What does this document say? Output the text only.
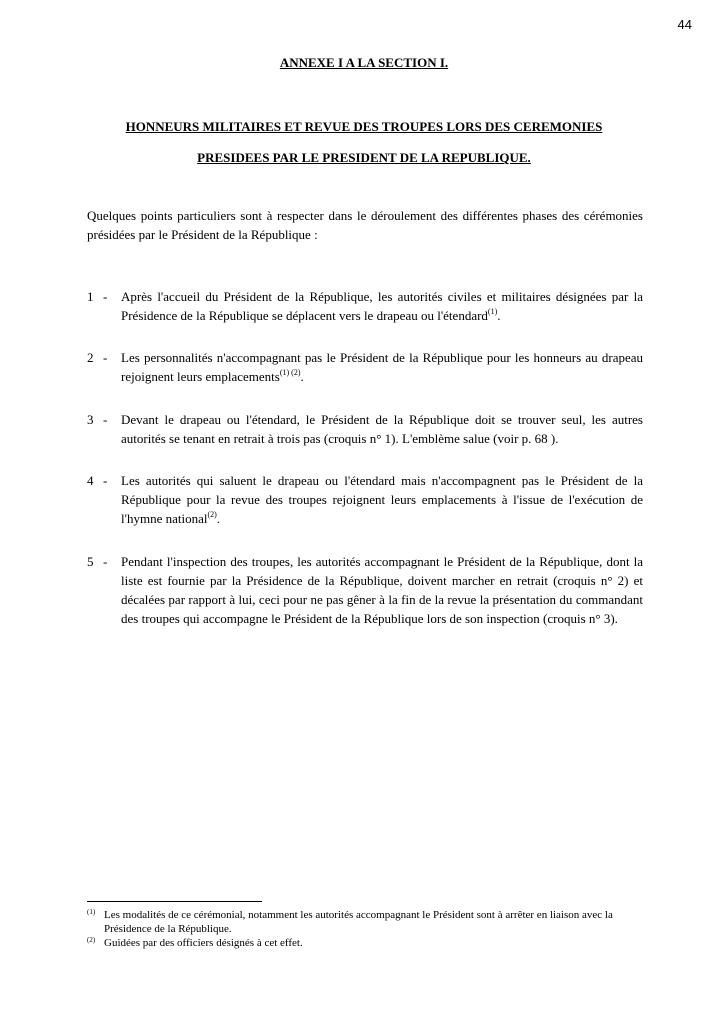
44
ANNEXE I A LA SECTION I.
HONNEURS MILITAIRES ET REVUE DES TROUPES LORS DES CEREMONIES
PRESIDEES PAR LE PRESIDENT DE LA REPUBLIQUE.
Quelques points particuliers sont à respecter dans le déroulement des différentes phases des cérémonies présidées par le Président de la République :
1 - Après l'accueil du Président de la République, les autorités civiles et militaires désignées par la Présidence de la République se déplacent vers le drapeau ou l'étendard$^{(1)}$.
2 - Les personnalités n'accompagnant pas le Président de la République pour les honneurs au drapeau rejoignent leurs emplacements$^{(1) (2)}$.
3 - Devant le drapeau ou l'étendard, le Président de la République doit se trouver seul, les autres autorités se tenant en retrait à trois pas (croquis n° 1). L'emblème salue (voir p. 68 ).
4 - Les autorités qui saluent le drapeau ou l'étendard mais n'accompagnent pas le Président de la République pour la revue des troupes rejoignent leurs emplacements à l'issue de l'exécution de l'hymne national$^{(2)}$.
5 - Pendant l'inspection des troupes, les autorités accompagnant le Président de la République, dont la liste est fournie par la Présidence de la République, doivent marcher en retrait (croquis n° 2) et décalées par rapport à lui, ceci pour ne pas gêner à la fin de la revue la présentation du commandant des troupes qui accompagne le Président de la République lors de son inspection (croquis n° 3).
(1) Les modalités de ce cérémonial, notamment les autorités accompagnant le Président sont à arrêter en liaison avec la Présidence de la République.
(2) Guidées par des officiers désignés à cet effet.
